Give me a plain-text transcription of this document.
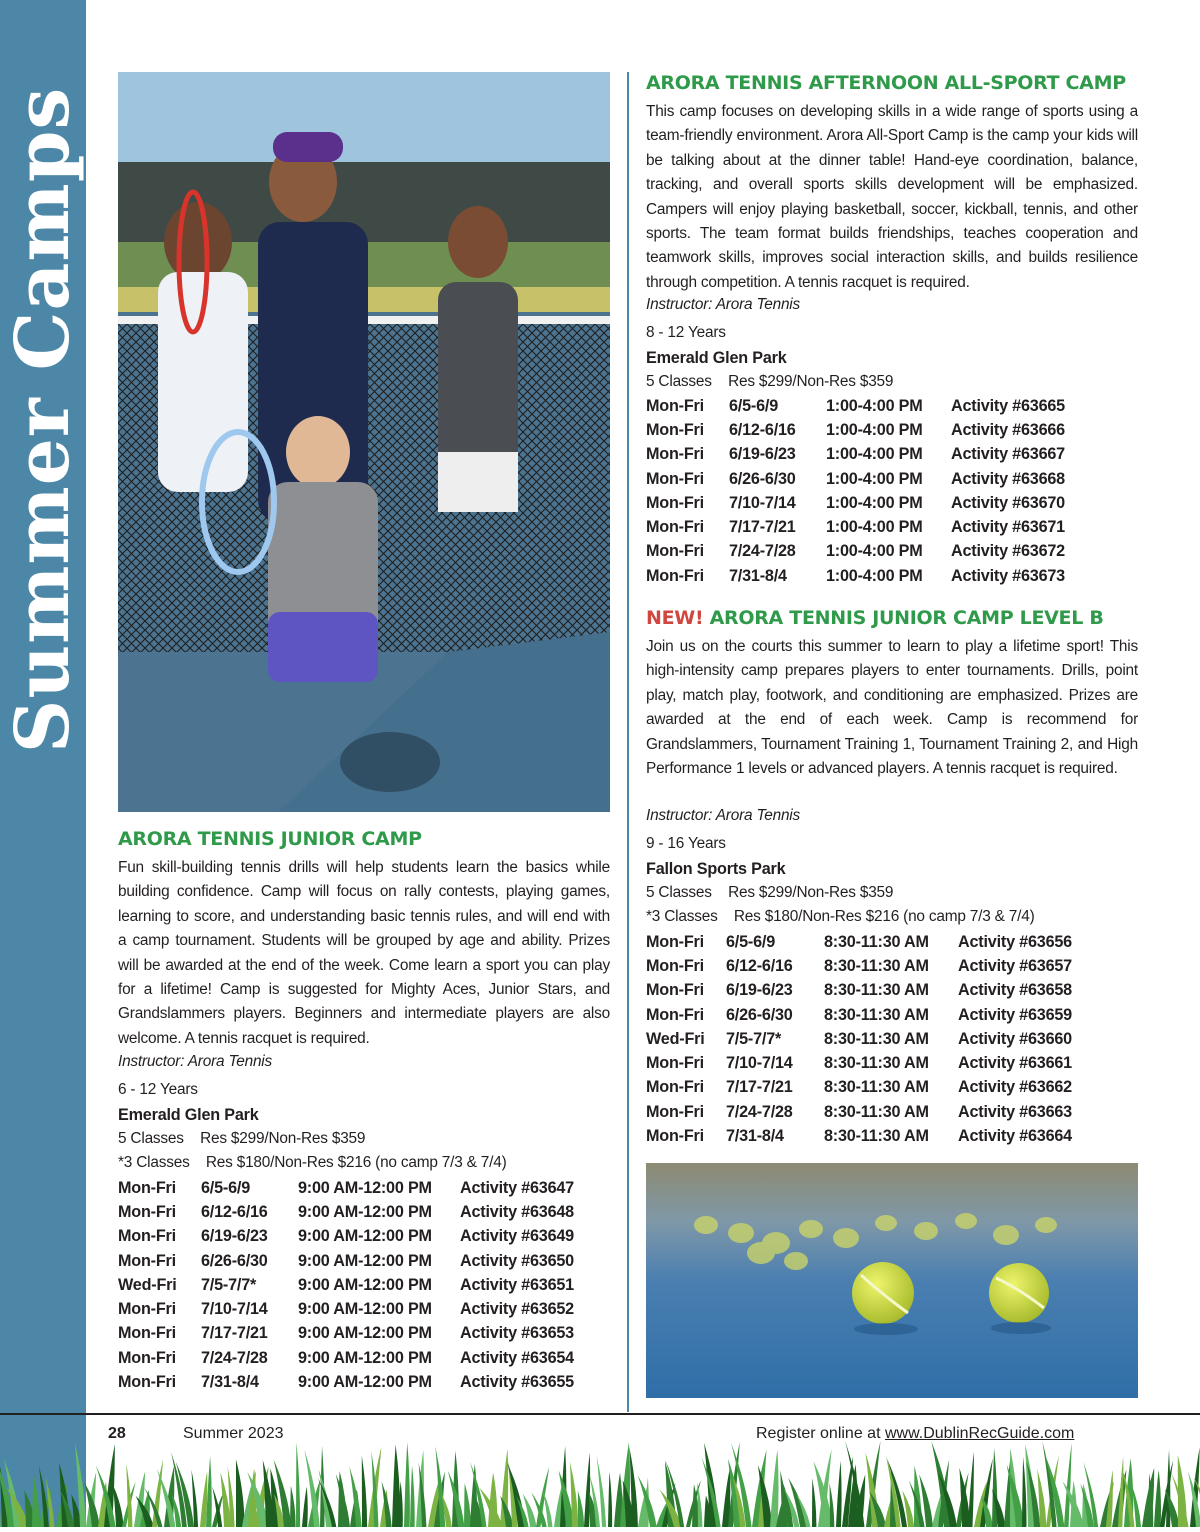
Summer Camps
ARORA TENNIS JUNIOR CAMP

Fun skill-building tennis drills will help students learn the basics while building confidence. Camp will focus on rally contests, playing games, learning to score, and understanding basic tennis rules, and will end with a camp tournament. Students will be grouped by age and ability. Prizes will be awarded at the end of the week. Come learn a sport you can play for a lifetime! Camp is suggested for Mighty Aces, Junior Stars, and Grandslammers players. Beginners and intermediate players are also welcome. A tennis racquet is required.

Instructor: Arora Tennis
6 - 12 Years
Emerald Glen Park
5 Classes    Res $299/Non-Res $359
*3 Classes    Res $180/Non-Res $216 (no camp 7/3 & 7/4)
Mon-Fri	6/5-6/9	9:00 AM-12:00 PM	Activity #63647
Mon-Fri	6/12-6/16	9:00 AM-12:00 PM	Activity #63648
Mon-Fri	6/19-6/23	9:00 AM-12:00 PM	Activity #63649
Mon-Fri	6/26-6/30	9:00 AM-12:00 PM	Activity #63650
Wed-Fri	7/5-7/7*	9:00 AM-12:00 PM	Activity #63651
Mon-Fri	7/10-7/14	9:00 AM-12:00 PM	Activity #63652
Mon-Fri	7/17-7/21	9:00 AM-12:00 PM	Activity #63653
Mon-Fri	7/24-7/28	9:00 AM-12:00 PM	Activity #63654
Mon-Fri	7/31-8/4	9:00 AM-12:00 PM	Activity #63655
ARORA TENNIS AFTERNOON ALL-SPORT CAMP

This camp focuses on developing skills in a wide range of sports using a team-friendly environment. Arora All-Sport Camp is the camp your kids will be talking about at the dinner table! Hand-eye coordination, balance, tracking, and overall sports skills development will be emphasized. Campers will enjoy playing basketball, soccer, kickball, tennis, and other sports. The team format builds friendships, teaches cooperation and teamwork skills, improves social interaction skills, and builds resilience through competition. A tennis racquet is required.

Instructor: Arora Tennis
8 - 12 Years
Emerald Glen Park
5 Classes    Res $299/Non-Res $359
Mon-Fri	6/5-6/9	1:00-4:00 PM	Activity #63665
Mon-Fri	6/12-6/16	1:00-4:00 PM	Activity #63666
Mon-Fri	6/19-6/23	1:00-4:00 PM	Activity #63667
Mon-Fri	6/26-6/30	1:00-4:00 PM	Activity #63668
Mon-Fri	7/10-7/14	1:00-4:00 PM	Activity #63670
Mon-Fri	7/17-7/21	1:00-4:00 PM	Activity #63671
Mon-Fri	7/24-7/28	1:00-4:00 PM	Activity #63672
Mon-Fri	7/31-8/4	1:00-4:00 PM	Activity #63673
NEW! ARORA TENNIS JUNIOR CAMP LEVEL B

Join us on the courts this summer to learn to play a lifetime sport! This high-intensity camp prepares players to enter tournaments. Drills, point play, match play, footwork, and conditioning are emphasized. Prizes are awarded at the end of each week. Camp is recommend for Grandslammers, Tournament Training 1, Tournament Training 2, and High Performance 1 levels or advanced players. A tennis racquet is required.

Instructor: Arora Tennis
9 - 16 Years
Fallon Sports Park
5 Classes    Res $299/Non-Res $359
*3 Classes    Res $180/Non-Res $216 (no camp 7/3 & 7/4)
Mon-Fri	6/5-6/9	8:30-11:30 AM	Activity #63656
Mon-Fri	6/12-6/16	8:30-11:30 AM	Activity #63657
Mon-Fri	6/19-6/23	8:30-11:30 AM	Activity #63658
Mon-Fri	6/26-6/30	8:30-11:30 AM	Activity #63659
Wed-Fri	7/5-7/7*	8:30-11:30 AM	Activity #63660
Mon-Fri	7/10-7/14	8:30-11:30 AM	Activity #63661
Mon-Fri	7/17-7/21	8:30-11:30 AM	Activity #63662
Mon-Fri	7/24-7/28	8:30-11:30 AM	Activity #63663
Mon-Fri	7/31-8/4	8:30-11:30 AM	Activity #63664
28	Summer 2023	Register online at www.DublinRecGuide.com
